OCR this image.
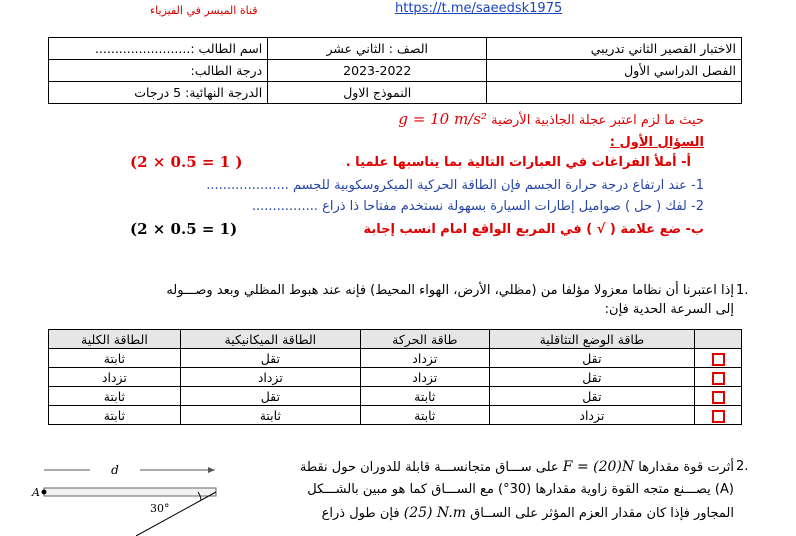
قناة الميسر في الفيزياء	https://t.me/saeedsk1975
الاختبار القصير الثاني تدريبي	الصف : الثاني عشر	اسم الطالب :........................
الفصل الدراسي الأول	2023-2022	درجة الطالب:
	النموذج الاول	الدرجة النهائية: 5 درجات
حيث ما لزم اعتبر عجلة الجاذبية الأرضية g = 10 m/s²
السؤال الأول :
أ- أملأ الفراغات في العبارات التالية بما يناسبها علميا .
(2 × 0.5 = 1 )
1- عند ارتفاع درجة حرارة الجسم فإن الطاقة الحركية الميكروسكوبية للجسم ....................
2- لفك ( حل ) صواميل إطارات السيارة بسهولة نستخدم مفتاحا ذا ذراع ................
ب- ضع علامة ( √ ) في المربع الواقع امام انسب إجابة
(2 × 0.5 = 1)
1.
إذا اعتبرنا أن نظاما معزولا مؤلفا من (مظلي، الأرض، الهواء المحيط) فإنه عند هبوط المظلي وبعد وصـــوله
إلى السرعة الحدية فإن:
	طاقة الوضع التثاقلية	طاقة الحركة	الطاقة الميكانيكية	الطاقة الكلية
	تقل	تزداد	تقل	ثابتة
	تقل	تزداد	تزداد	تزداد
	تقل	ثابتة	تقل	ثابتة
	تزداد	ثابتة	ثابتة	ثابتة
2.
أثرت قوة مقدارها F = (20)N على ســـاق متجانســـة قابلة للدوران حول نقطة
(A) يصـــنع متجه القوة زاوية مقدارها (30°) مع الســـاق كما هو مبين بالشـــكل
المجاور فإذا كان مقدار العزم المؤثر على الســاق (25) N.m فإن طول ذراع
d
A
30°
